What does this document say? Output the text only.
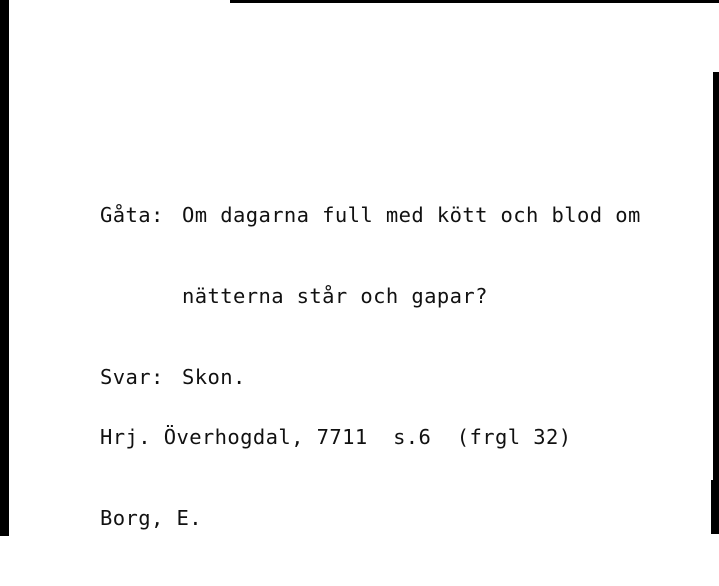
Gåta: Om dagarna full med kött och blod om

nätterna står och gapar?

Svar: Skon.

Hrj. Överhogdal, 7711  s.6  (frgl 32)

Borg, E.
